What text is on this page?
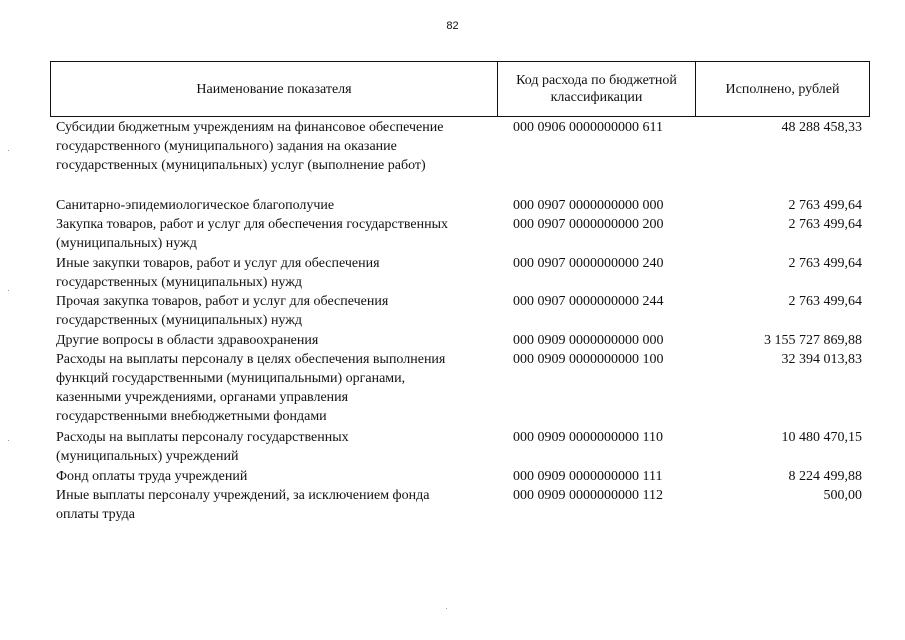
82
Наименование показателя
Код расхода по бюджетной классификации
Исполнено, рублей
Субсидии бюджетным учреждениям на финансовое обеспечение
государственного (муниципального) задания на оказание
государственных (муниципальных) услуг (выполнение работ)
000 0906 0000000000 611	48 288 458,33
Санитарно-эпидемиологическое благополучие	000 0907 0000000000 000	2 763 499,64
Закупка товаров, работ и услуг для обеспечения государственных
(муниципальных) нужд
000 0907 0000000000 200	2 763 499,64
Иные закупки товаров, работ и услуг для обеспечения
государственных (муниципальных) нужд
000 0907 0000000000 240	2 763 499,64
Прочая закупка товаров, работ и услуг для обеспечения
государственных (муниципальных) нужд
000 0907 0000000000 244	2 763 499,64
Другие вопросы в области здравоохранения	000 0909 0000000000 000	3 155 727 869,88
Расходы на выплаты персоналу в целях обеспечения выполнения
функций государственными (муниципальными) органами,
казенными учреждениями, органами управления
государственными внебюджетными фондами
000 0909 0000000000 100	32 394 013,83
Расходы на выплаты персоналу государственных
(муниципальных) учреждений
000 0909 0000000000 110	10 480 470,15
Фонд оплаты труда учреждений	000 0909 0000000000 111	8 224 499,88
Иные выплаты персоналу учреждений, за исключением фонда
оплаты труда
000 0909 0000000000 112	500,00
